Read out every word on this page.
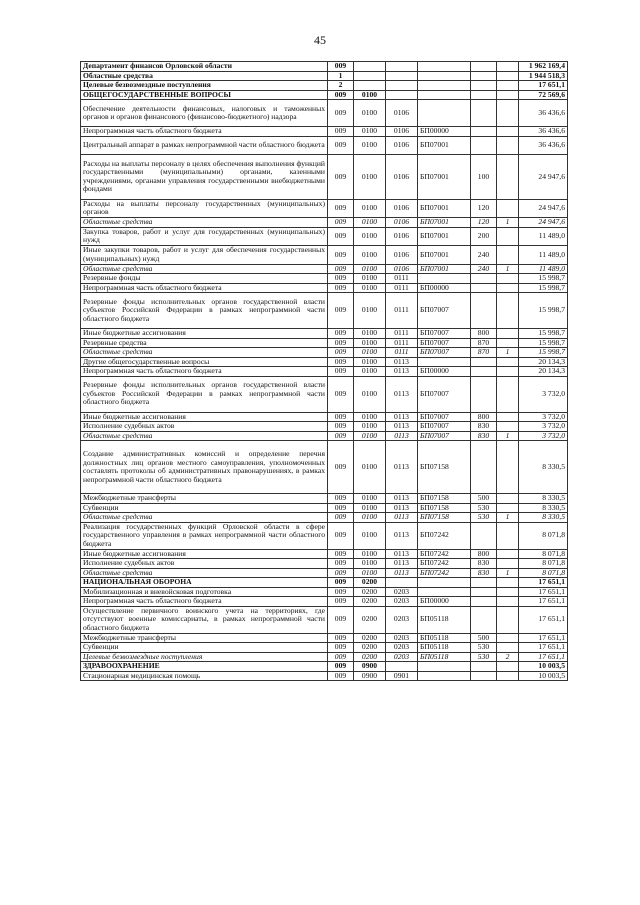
45
Департамент финансов Орловской области	009						1 962 169,4
Областные средства	1						1 944 518,3
Целевые безвозмездные поступления	2						17 651,1
ОБЩЕГОСУДАРСТВЕННЫЕ ВОПРОСЫ	009	0100					72 569,6
Обеспечение деятельности финансовых, налоговых и таможенных органов и органов финансового (финансово-бюджетного) надзора	009	0100	0106				36 436,6
Непрограммная часть областного бюджета	009	0100	0106	БП00000			36 436,6
Центральный аппарат в рамках непрограммной части областного бюджета	009	0100	0106	БП07001			36 436,6
Расходы на выплаты персоналу в целях обеспечения выполнения функций государственными (муниципальными) органами, казенными учреждениями, органами управления государственными внебюджетными фондами	009	0100	0106	БП07001	100		24 947,6
Расходы на выплаты персоналу государственных (муниципальных) органов	009	0100	0106	БП07001	120		24 947,6
Областные средства	009	0100	0106	БП07001	120	1	24 947,6
Закупка товаров, работ и услуг для государственных (муниципальных) нужд	009	0100	0106	БП07001	200		11 489,0
Иные закупки товаров, работ и услуг для обеспечения государственных (муниципальных) нужд	009	0100	0106	БП07001	240		11 489,0
Областные средства	009	0100	0106	БП07001	240	1	11 489,0
Резервные фонды	009	0100	0111				15 998,7
Непрограммная часть областного бюджета	009	0100	0111	БП00000			15 998,7
Резервные фонды исполнительных органов государственной власти субъектов Российской Федерации в рамках непрограммной части областного бюджета	009	0100	0111	БП07007			15 998,7
Иные бюджетные ассигнования	009	0100	0111	БП07007	800		15 998,7
Резервные средства	009	0100	0111	БП07007	870		15 998,7
Областные средства	009	0100	0111	БП07007	870	1	15 998,7
Другие общегосударственные вопросы	009	0100	0113				20 134,3
Непрограммная часть областного бюджета	009	0100	0113	БП00000			20 134,3
Резервные фонды исполнительных органов государственной власти субъектов Российской Федерации в рамках непрограммной части областного бюджета	009	0100	0113	БП07007			3 732,0
Иные бюджетные ассигнования	009	0100	0113	БП07007	800		3 732,0
Исполнение судебных актов	009	0100	0113	БП07007	830		3 732,0
Областные средства	009	0100	0113	БП07007	830	1	3 732,0
Создание административных комиссий и определение перечня должностных лиц органов местного самоуправления, уполномоченных составлять протоколы об административных правонарушениях, в рамках непрограммной части областного бюджета	009	0100	0113	БП07158			8 330,5
Межбюджетные трансферты	009	0100	0113	БП07158	500		8 330,5
Субвенции	009	0100	0113	БП07158	530		8 330,5
Областные средства	009	0100	0113	БП07158	530	1	8 330,5
Реализация государственных функций Орловской области в сфере государственного управления в рамках непрограммной части областного бюджета	009	0100	0113	БП07242			8 071,8
Иные бюджетные ассигнования	009	0100	0113	БП07242	800		8 071,8
Исполнение судебных актов	009	0100	0113	БП07242	830		8 071,8
Областные средства	009	0100	0113	БП07242	830	1	8 071,8
НАЦИОНАЛЬНАЯ ОБОРОНА	009	0200					17 651,1
Мобилизационная и вневойсковая подготовка	009	0200	0203				17 651,1
Непрограммная часть областного бюджета	009	0200	0203	БП00000			17 651,1
Осуществление первичного воинского учета на территориях, где отсутствуют военные комиссариаты, в рамках непрограммной части областного бюджета	009	0200	0203	БП05118			17 651,1
Межбюджетные трансферты	009	0200	0203	БП05118	500		17 651,1
Субвенции	009	0200	0203	БП05118	530		17 651,1
Целевые безвозмездные поступления	009	0200	0203	БП05118	530	2	17 651,1
ЗДРАВООХРАНЕНИЕ	009	0900					10 003,5
Стационарная медицинская помощь	009	0900	0901				10 003,5
